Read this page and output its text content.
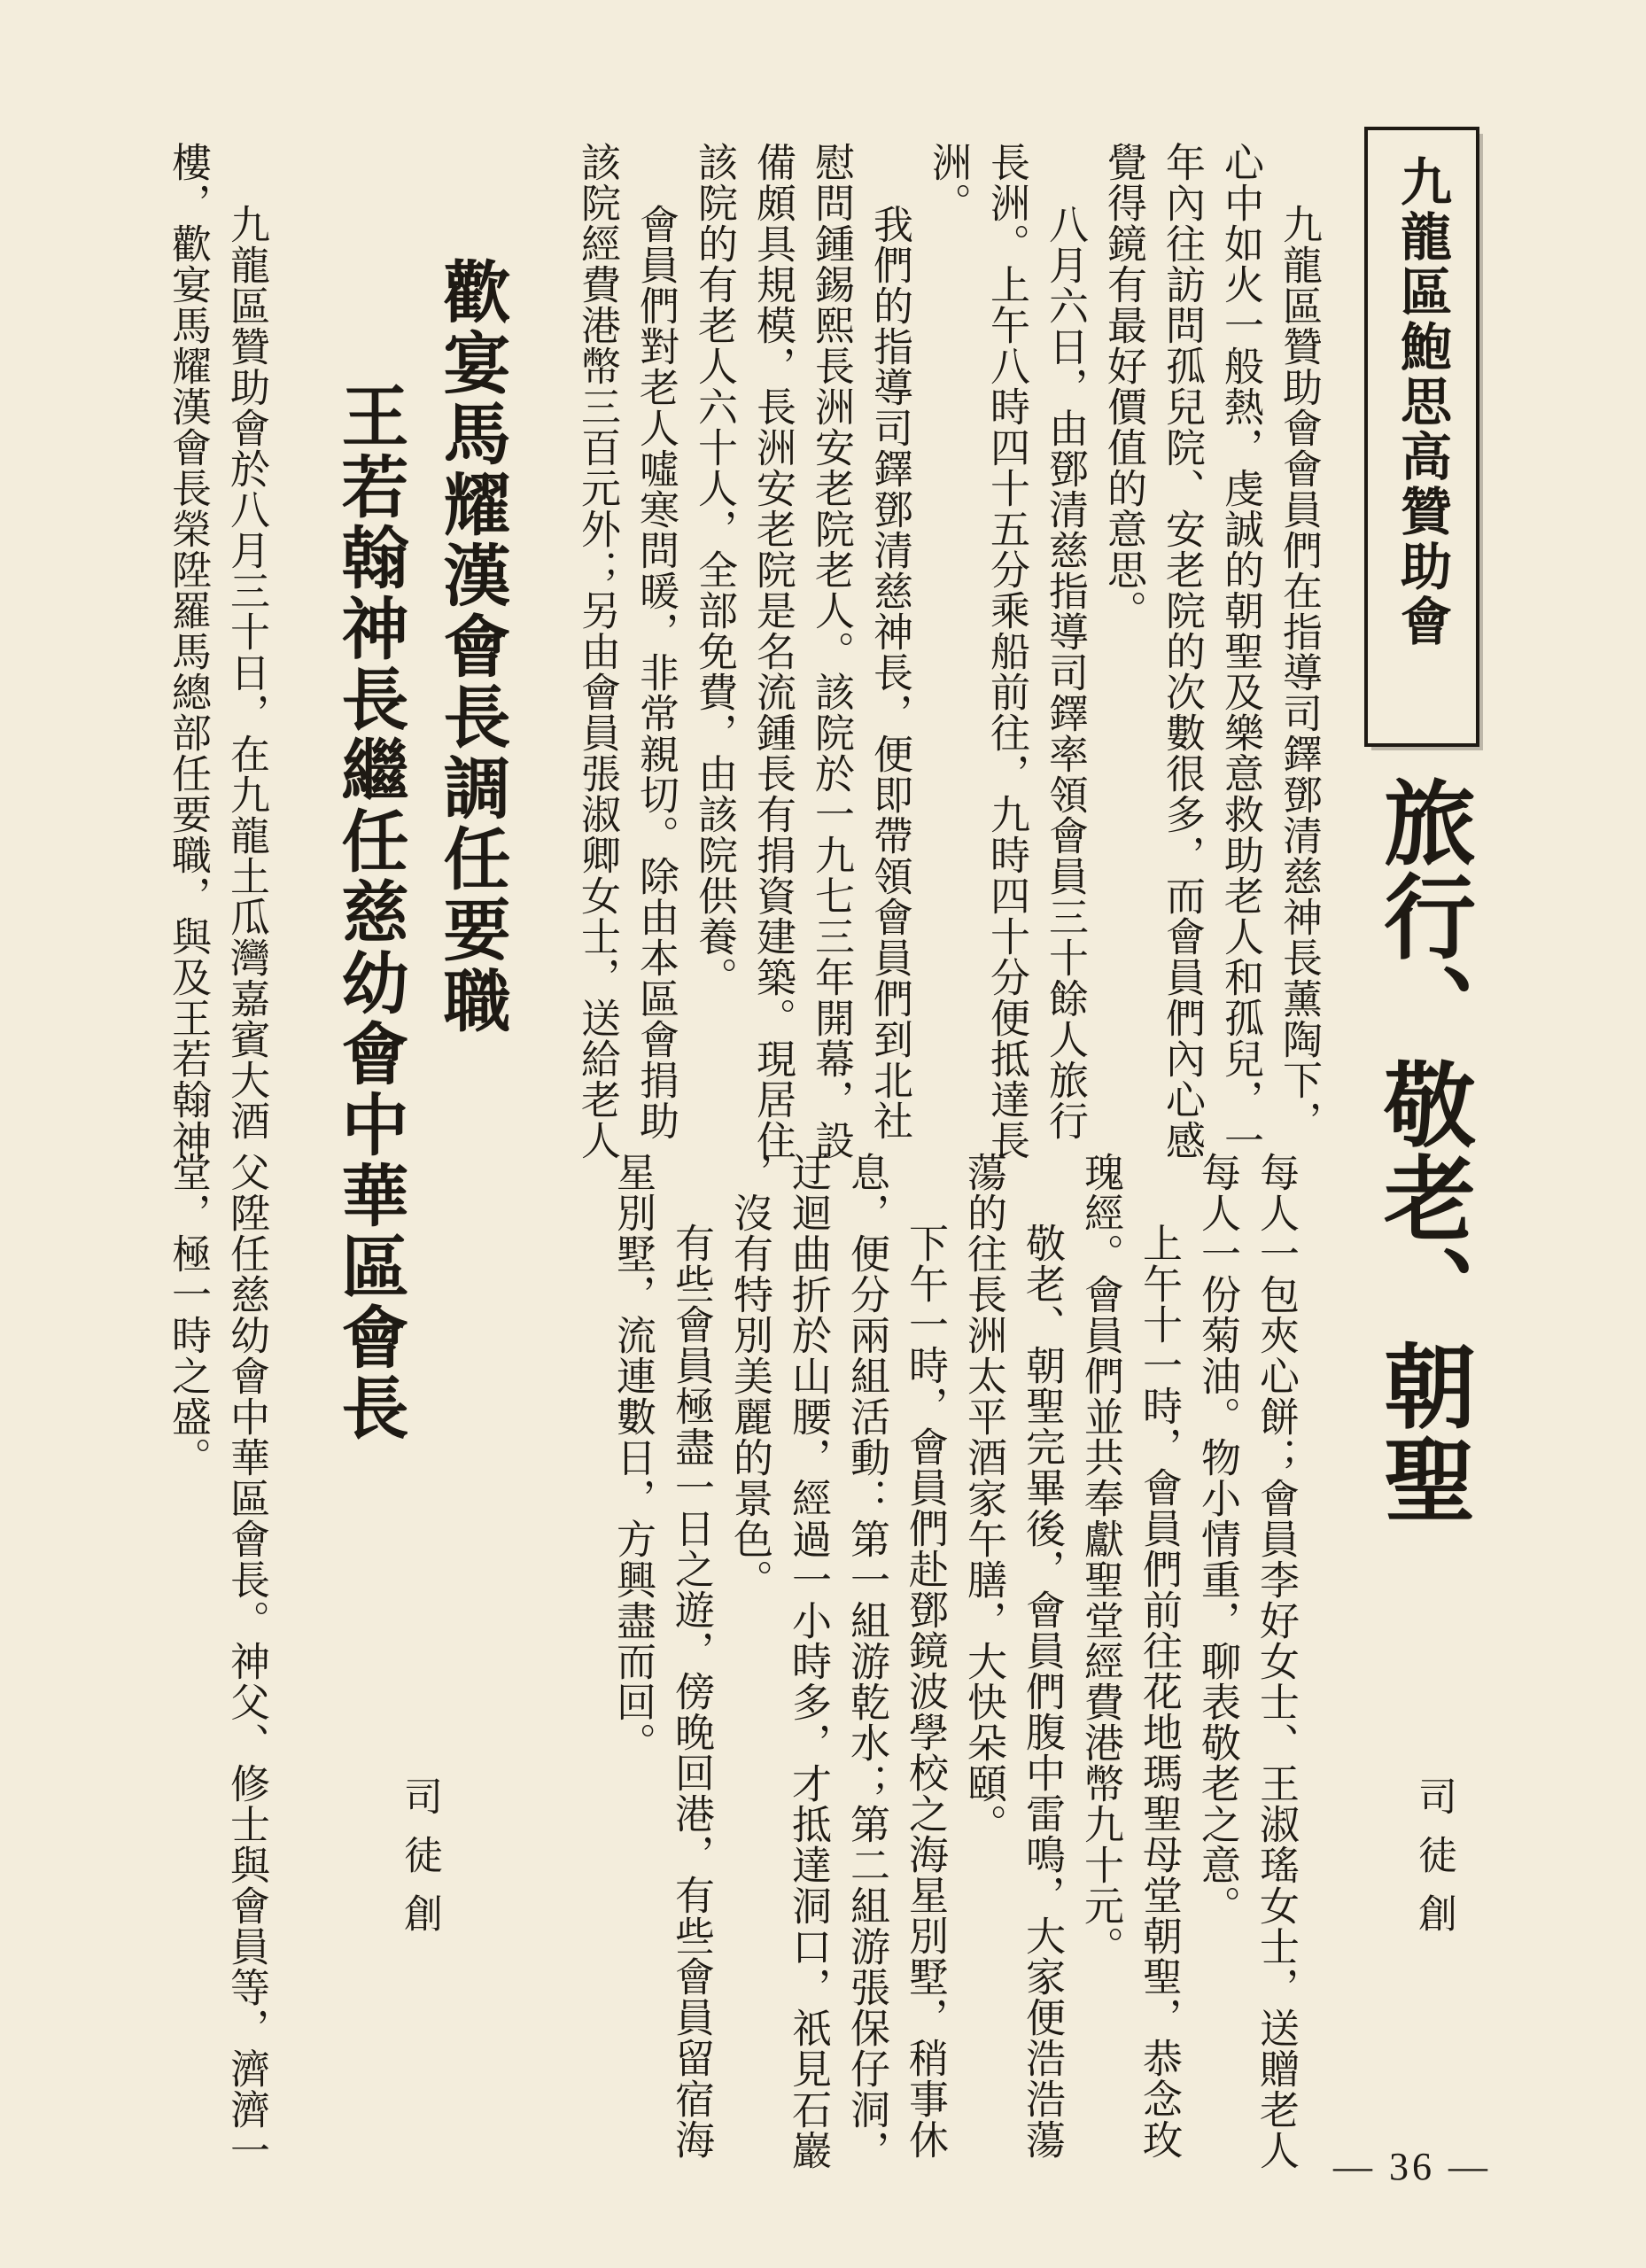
九龍區鮑思高贊助會
旅行、敬老、朝聖
司徒創
九龍區贊助會會員們在指導司鐸鄧清慈神長薰陶下，
心中如火一般熱，虔誠的朝聖及樂意救助老人和孤兒，一
年內往訪問孤兒院、安老院的次數很多，而會員們內心感
覺得鏡有最好價值的意思。
八月六日，由鄧清慈指導司鐸率領會員三十餘人旅行
長洲。上午八時四十五分乘船前往，九時四十分便抵達長
洲。
我們的指導司鐸鄧清慈神長，便即帶領會員們到北社
慰問鍾錫熙長洲安老院老人。該院於一九七三年開幕，設
備頗具規模，長洲安老院是名流鍾長有捐資建築。現居住
該院的有老人六十人，全部免費，由該院供養。
會員們對老人噓寒問暖，非常親切。除由本區會捐助
該院經費港幣三百元外；另由會員張淑卿女士，送給老人
每人一包夾心餅；會員李好女士、王淑瑤女士，送贈老人
每人一份菊油。物小情重，聊表敬老之意。
上午十一時，會員們前往花地瑪聖母堂朝聖，恭念玫
瑰經。會員們並共奉獻聖堂經費港幣九十元。
敬老、朝聖完畢後，會員們腹中雷鳴，大家便浩浩蕩
蕩的往長洲太平酒家午膳，大快朵頤。
下午一時，會員們赴鄧鏡波學校之海星別墅，稍事休
息，便分兩組活動：第一組游乾水；第二組游張保仔洞，
迂迴曲折於山腰，經過一小時多，才抵達洞口，祇見石巖
，沒有特別美麗的景色。
有些會員極盡一日之遊，傍晚回港，有些會員留宿海
星別墅，流連數日，方興盡而回。
歡宴馬耀漢會長調任要職
王若翰神長繼任慈幼會中華區會長
司徒創
九龍區贊助會於八月三十日，在九龍土瓜灣嘉賓大酒
樓，歡宴馬耀漢會長榮陞羅馬總部任要職，與及王若翰神
父陞任慈幼會中華區會長。神父、修士與會員等，濟濟一
堂，極一時之盛。
— 36 —
